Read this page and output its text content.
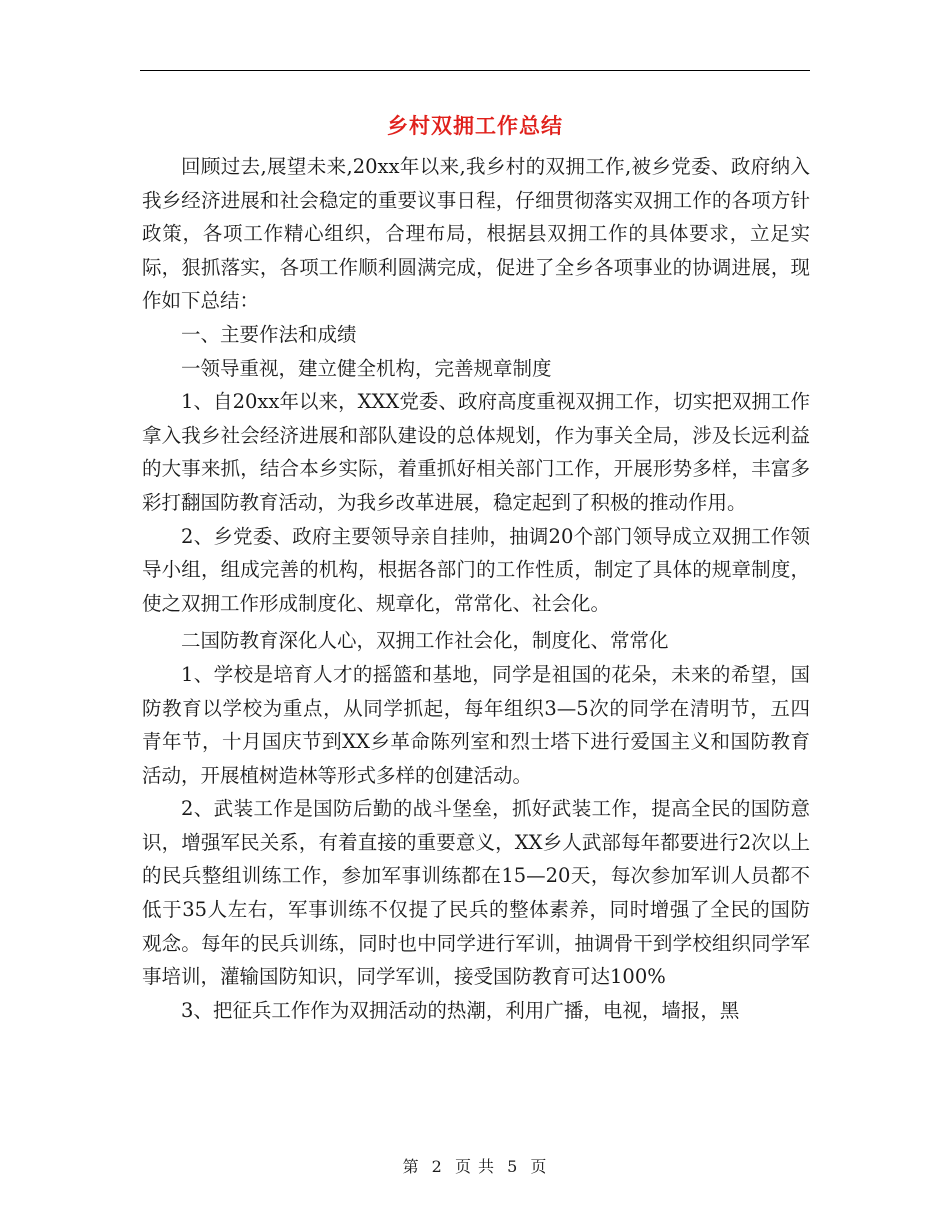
乡村双拥工作总结

回顾过去,展望未来,20xx年以来,我乡村的双拥工作,被乡党委、政府纳入我乡经济进展和社会稳定的重要议事日程，仔细贯彻落实双拥工作的各项方针政策，各项工作精心组织，合理布局，根据县双拥工作的具体要求，立足实际，狠抓落实，各项工作顺利圆满完成，促进了全乡各项事业的协调进展，现作如下总结：

一、主要作法和成绩

一领导重视，建立健全机构，完善规章制度

1、自20xx年以来，XXX党委、政府高度重视双拥工作，切实把双拥工作拿入我乡社会经济进展和部队建设的总体规划，作为事关全局，涉及长远利益的大事来抓，结合本乡实际，着重抓好相关部门工作，开展形势多样，丰富多彩打翻国防教育活动，为我乡改革进展，稳定起到了积极的推动作用。

2、乡党委、政府主要领导亲自挂帅，抽调20个部门领导成立双拥工作领导小组，组成完善的机构，根据各部门的工作性质，制定了具体的规章制度，使之双拥工作形成制度化、规章化，常常化、社会化。

二国防教育深化人心，双拥工作社会化，制度化、常常化

1、学校是培育人才的摇篮和基地，同学是祖国的花朵，未来的希望，国防教育以学校为重点，从同学抓起，每年组织3—5次的同学在清明节，五四青年节，十月国庆节到XX乡革命陈列室和烈士塔下进行爱国主义和国防教育活动，开展植树造林等形式多样的创建活动。

2、武装工作是国防后勤的战斗堡垒，抓好武装工作，提高全民的国防意识，增强军民关系，有着直接的重要意义，XX乡人武部每年都要进行2次以上的民兵整组训练工作，参加军事训练都在15—20天，每次参加军训人员都不低于35人左右，军事训练不仅提了民兵的整体素养，同时增强了全民的国防观念。每年的民兵训练，同时也中同学进行军训，抽调骨干到学校组织同学军事培训，灌输国防知识，同学军训，接受国防教育可达100%

3、把征兵工作作为双拥活动的热潮，利用广播，电视，墙报，黑

第 2 页 共 5 页
